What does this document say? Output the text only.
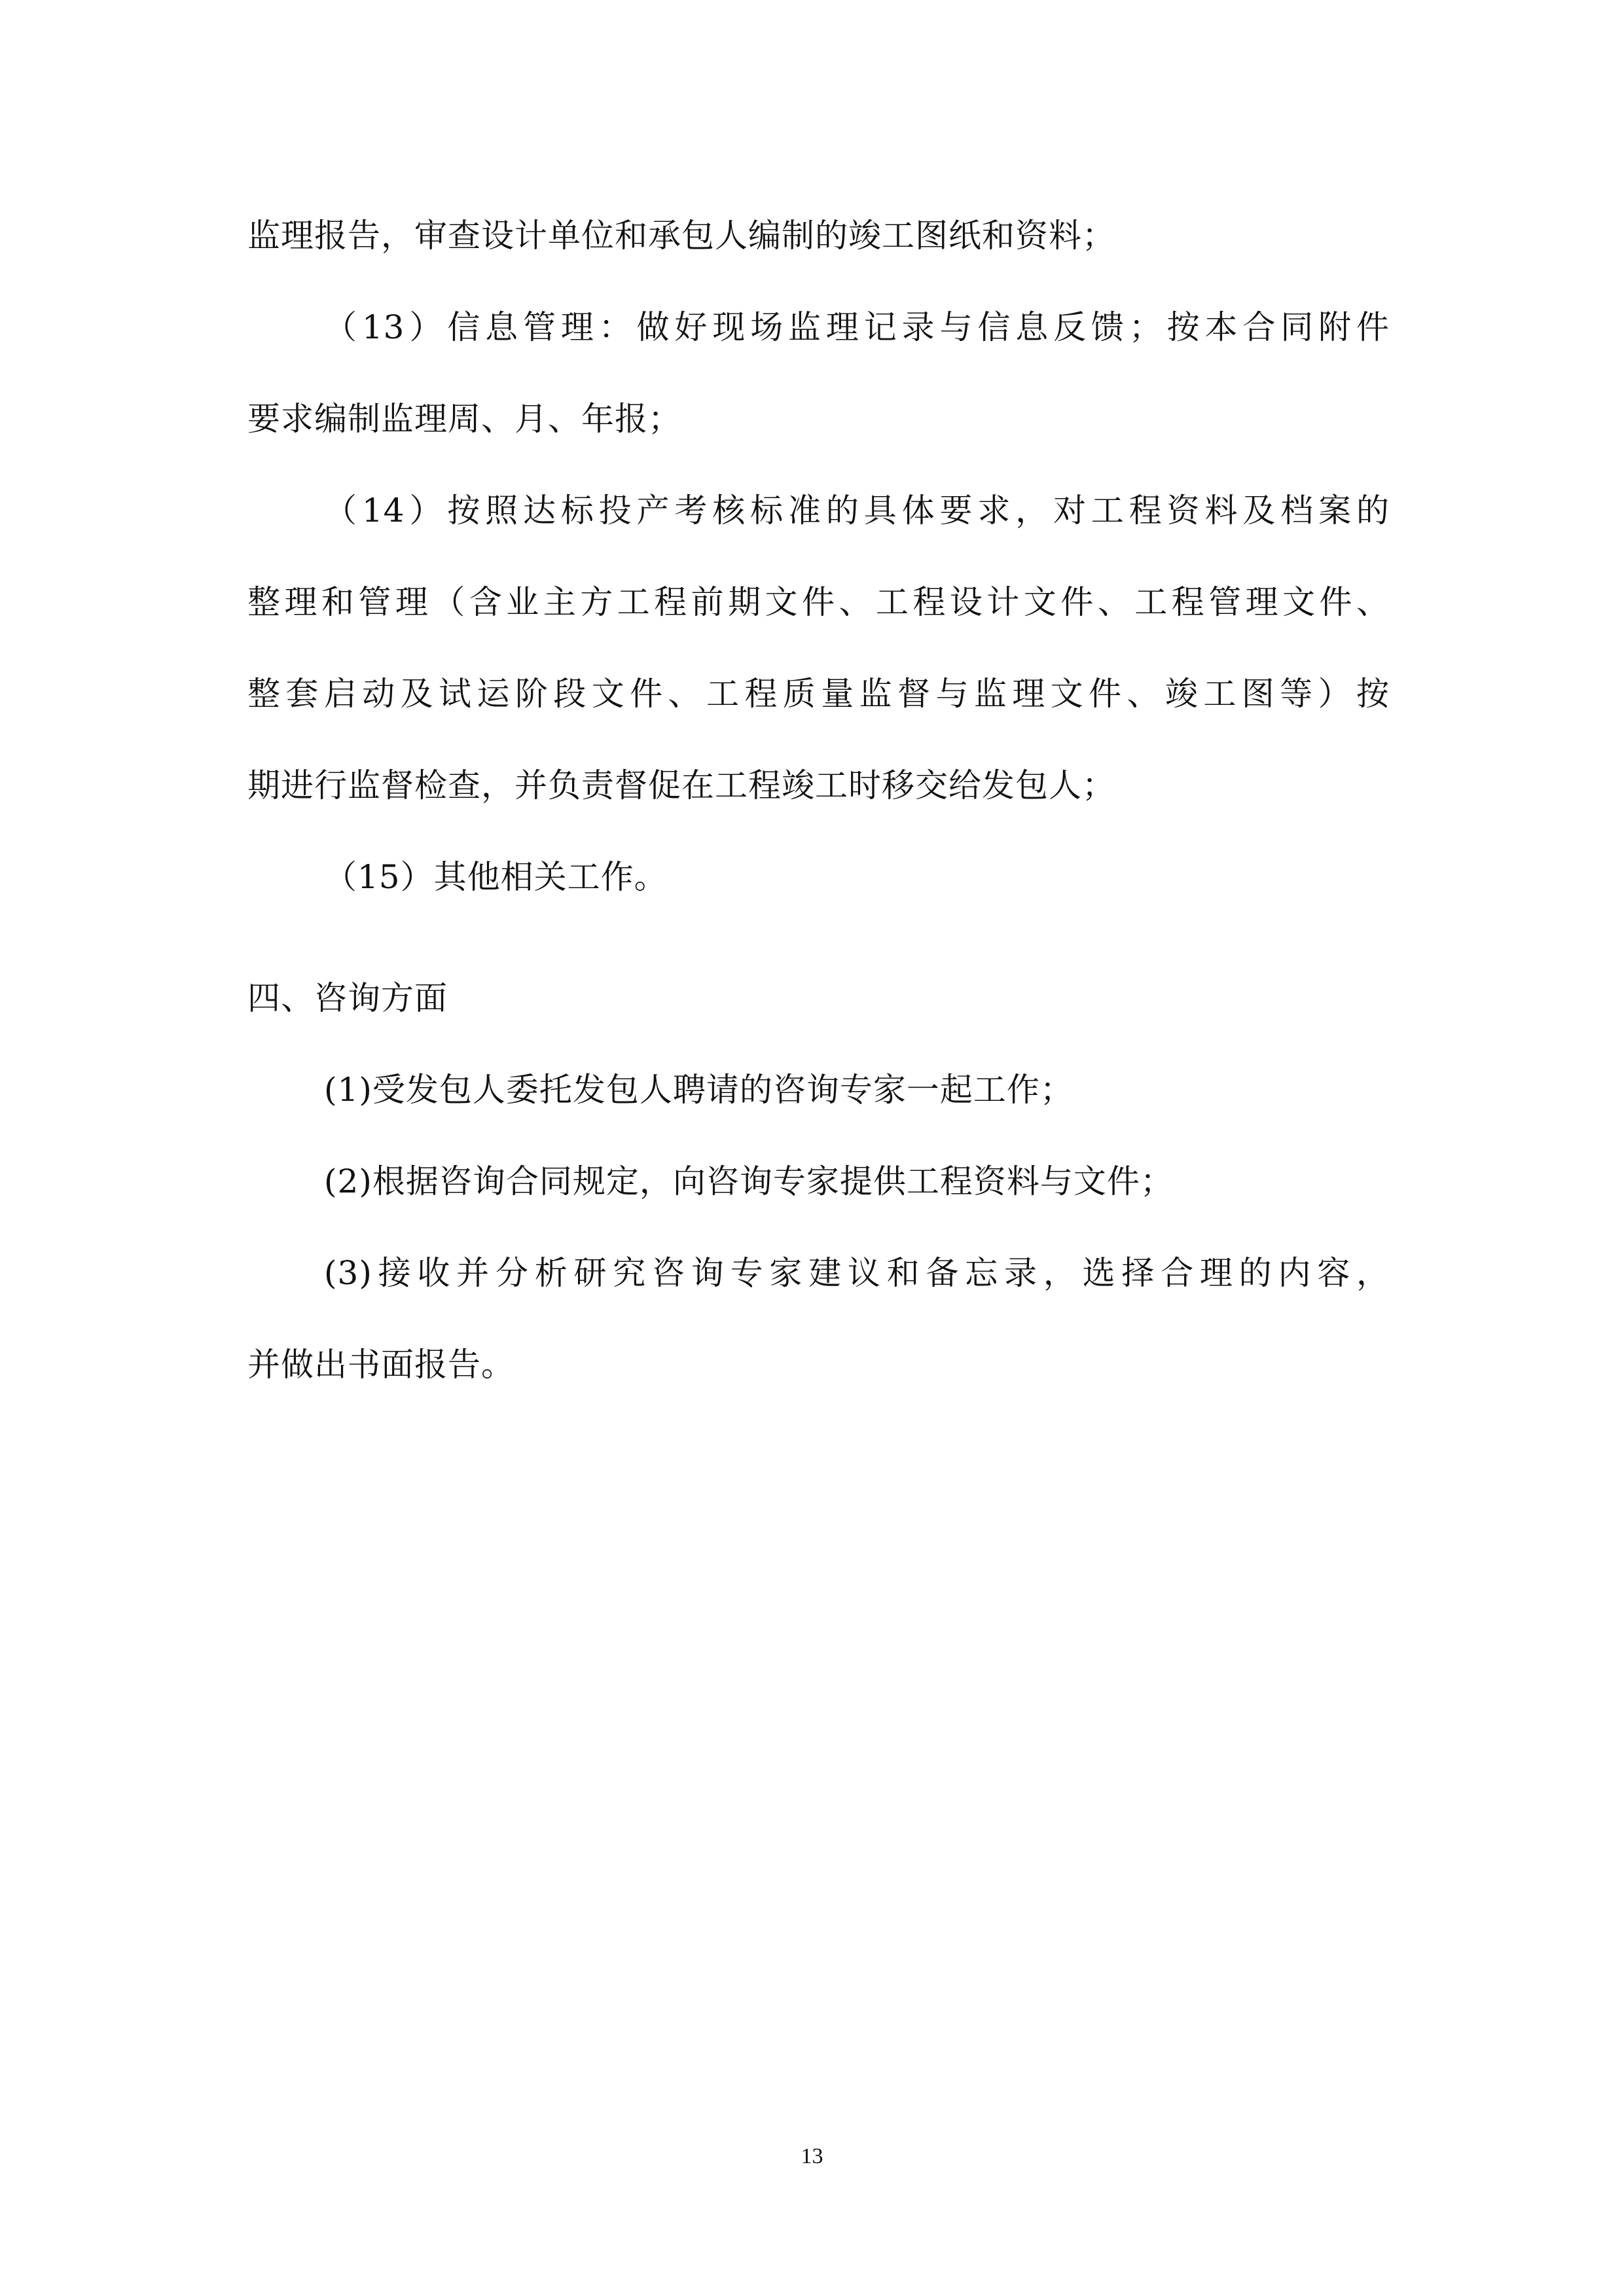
监理报告，审查设计单位和承包人编制的竣工图纸和资料；
（13）信息管理：做好现场监理记录与信息反馈；按本合同附件
要求编制监理周、月、年报；
（14）按照达标投产考核标准的具体要求，对工程资料及档案的
整理和管理（含业主方工程前期文件、工程设计文件、工程管理文件、
整套启动及试运阶段文件、工程质量监督与监理文件、竣工图等）按
期进行监督检查，并负责督促在工程竣工时移交给发包人；
（15）其他相关工作。
四、咨询方面
(1)受发包人委托发包人聘请的咨询专家一起工作；
(2)根据咨询合同规定，向咨询专家提供工程资料与文件；
(3)接收并分析研究咨询专家建议和备忘录，选择合理的内容，
并做出书面报告。
13
